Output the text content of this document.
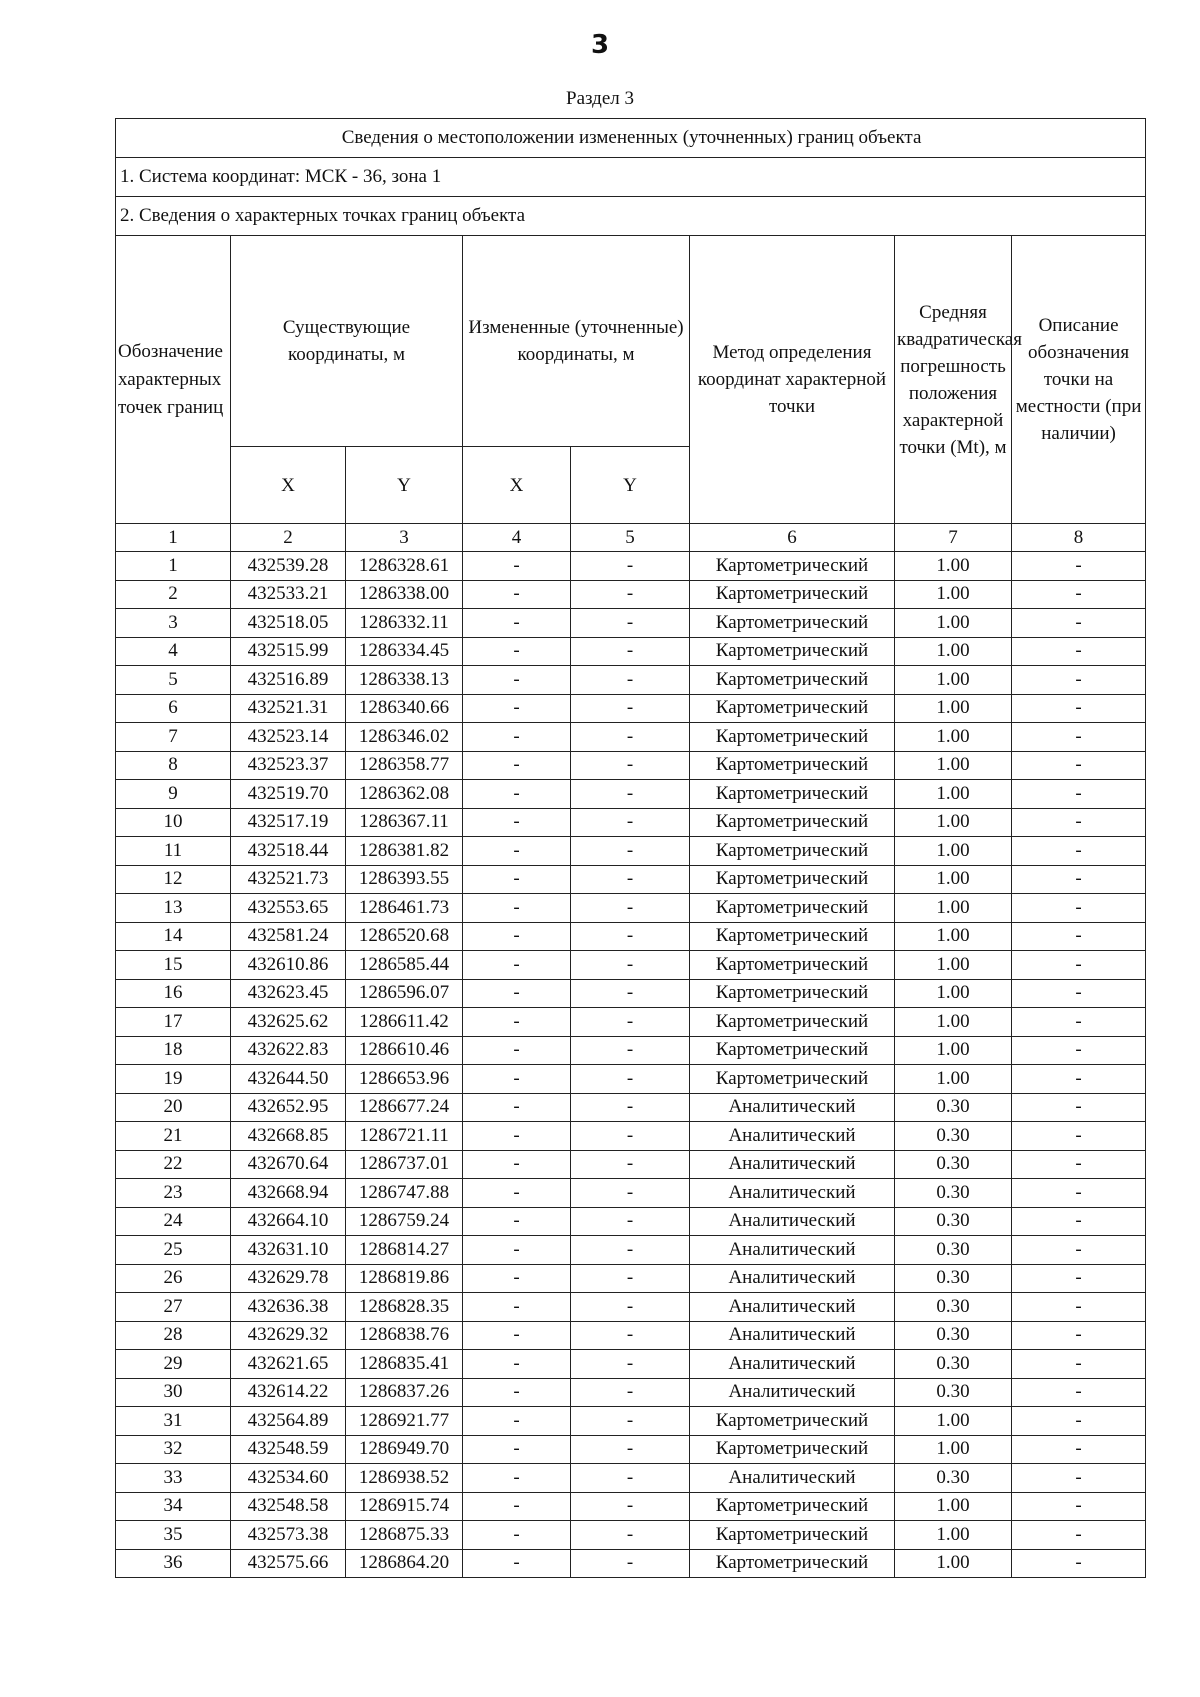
3
Раздел 3
Сведения о местоположении измененных (уточненных) границ объекта							
1. Система координат: МСК - 36, зона 1							
2. Сведения о характерных точках границ объекта							
Обозначение характерных точек границ	Существующие координаты, м		Измененные (уточненные) координаты, м		Метод определения координат характерной точки	Средняя квадратическая погрешность положения характерной точки (Mt), м	Описание обозначения точки на местности (при наличии)
	X	Y	X	Y			
1	2	3	4	5	6	7	8
1	432539.28	1286328.61	-	-	Картометрический	1.00	-
2	432533.21	1286338.00	-	-	Картометрический	1.00	-
3	432518.05	1286332.11	-	-	Картометрический	1.00	-
4	432515.99	1286334.45	-	-	Картометрический	1.00	-
5	432516.89	1286338.13	-	-	Картометрический	1.00	-
6	432521.31	1286340.66	-	-	Картометрический	1.00	-
7	432523.14	1286346.02	-	-	Картометрический	1.00	-
8	432523.37	1286358.77	-	-	Картометрический	1.00	-
9	432519.70	1286362.08	-	-	Картометрический	1.00	-
10	432517.19	1286367.11	-	-	Картометрический	1.00	-
11	432518.44	1286381.82	-	-	Картометрический	1.00	-
12	432521.73	1286393.55	-	-	Картометрический	1.00	-
13	432553.65	1286461.73	-	-	Картометрический	1.00	-
14	432581.24	1286520.68	-	-	Картометрический	1.00	-
15	432610.86	1286585.44	-	-	Картометрический	1.00	-
16	432623.45	1286596.07	-	-	Картометрический	1.00	-
17	432625.62	1286611.42	-	-	Картометрический	1.00	-
18	432622.83	1286610.46	-	-	Картометрический	1.00	-
19	432644.50	1286653.96	-	-	Картометрический	1.00	-
20	432652.95	1286677.24	-	-	Аналитический	0.30	-
21	432668.85	1286721.11	-	-	Аналитический	0.30	-
22	432670.64	1286737.01	-	-	Аналитический	0.30	-
23	432668.94	1286747.88	-	-	Аналитический	0.30	-
24	432664.10	1286759.24	-	-	Аналитический	0.30	-
25	432631.10	1286814.27	-	-	Аналитический	0.30	-
26	432629.78	1286819.86	-	-	Аналитический	0.30	-
27	432636.38	1286828.35	-	-	Аналитический	0.30	-
28	432629.32	1286838.76	-	-	Аналитический	0.30	-
29	432621.65	1286835.41	-	-	Аналитический	0.30	-
30	432614.22	1286837.26	-	-	Аналитический	0.30	-
31	432564.89	1286921.77	-	-	Картометрический	1.00	-
32	432548.59	1286949.70	-	-	Картометрический	1.00	-
33	432534.60	1286938.52	-	-	Аналитический	0.30	-
34	432548.58	1286915.74	-	-	Картометрический	1.00	-
35	432573.38	1286875.33	-	-	Картометрический	1.00	-
36	432575.66	1286864.20	-	-	Картометрический	1.00	-
